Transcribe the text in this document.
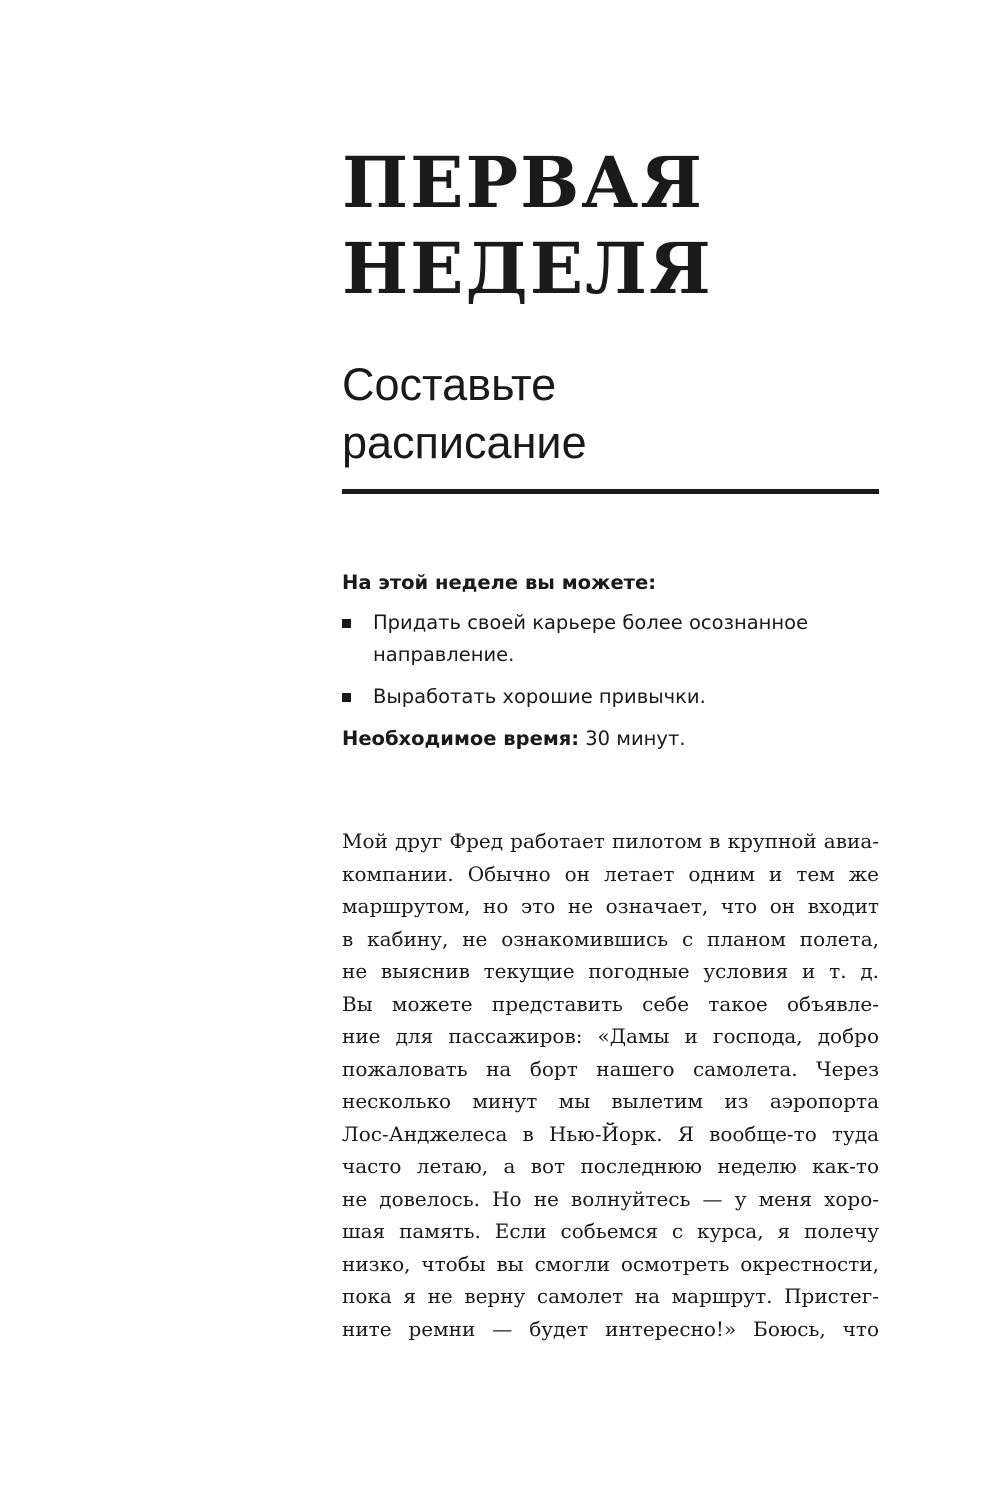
ПЕРВАЯ
НЕДЕЛЯ
Составьте
расписание

На этой неделе вы можете:

Придать своей карьере более осознанное
направление.
Выработать хорошие привычки.

Необходимое время: 30 минут.

Мой друг Фред работает пилотом в крупной авиа-
компании. Обычно он летает одним и тем же
маршрутом, но это не означает, что он входит
в кабину, не ознакомившись с планом полета,
не выяснив текущие погодные условия и т. д.
Вы можете представить себе такое объявле-
ние для пассажиров: «Дамы и господа, добро
пожаловать на борт нашего самолета. Через
несколько минут мы вылетим из аэропорта
Лос-Анджелеса в Нью-Йорк. Я вообще-то туда
часто летаю, а вот последнюю неделю как-то
не довелось. Но не волнуйтесь — у меня хоро-
шая память. Если собьемся с курса, я полечу
низко, чтобы вы смогли осмотреть окрестности,
пока я не верну самолет на маршрут. Пристег-
ните ремни — будет интересно!» Боюсь, что
